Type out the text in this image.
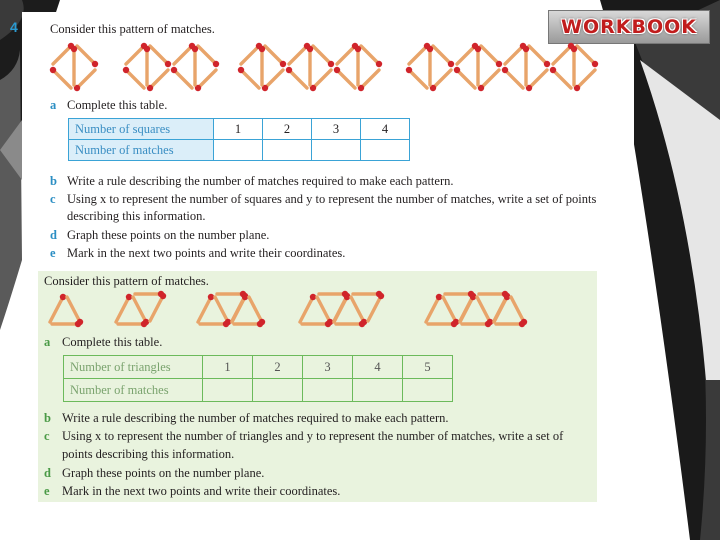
WORKBOOK
4	Consider this pattern of matches.
a Complete this table.
Number of squares	1	2	3	4
Number of matches				
b Write a rule describing the number of matches required to make each pattern.
c Using x to represent the number of squares and y to represent the number of matches, write a set of points
describing this information.
d Graph these points on the number plane.
e Mark in the next two points and write their coordinates.
Consider this pattern of matches.
a Complete this table.
Number of triangles	1	2	3	4	5
Number of matches					
b Write a rule describing the number of matches required to make each pattern.
c Using x to represent the number of triangles and y to represent the number of matches, write a set of
points describing this information.
d Graph these points on the number plane.
e Mark in the next two points and write their coordinates.
